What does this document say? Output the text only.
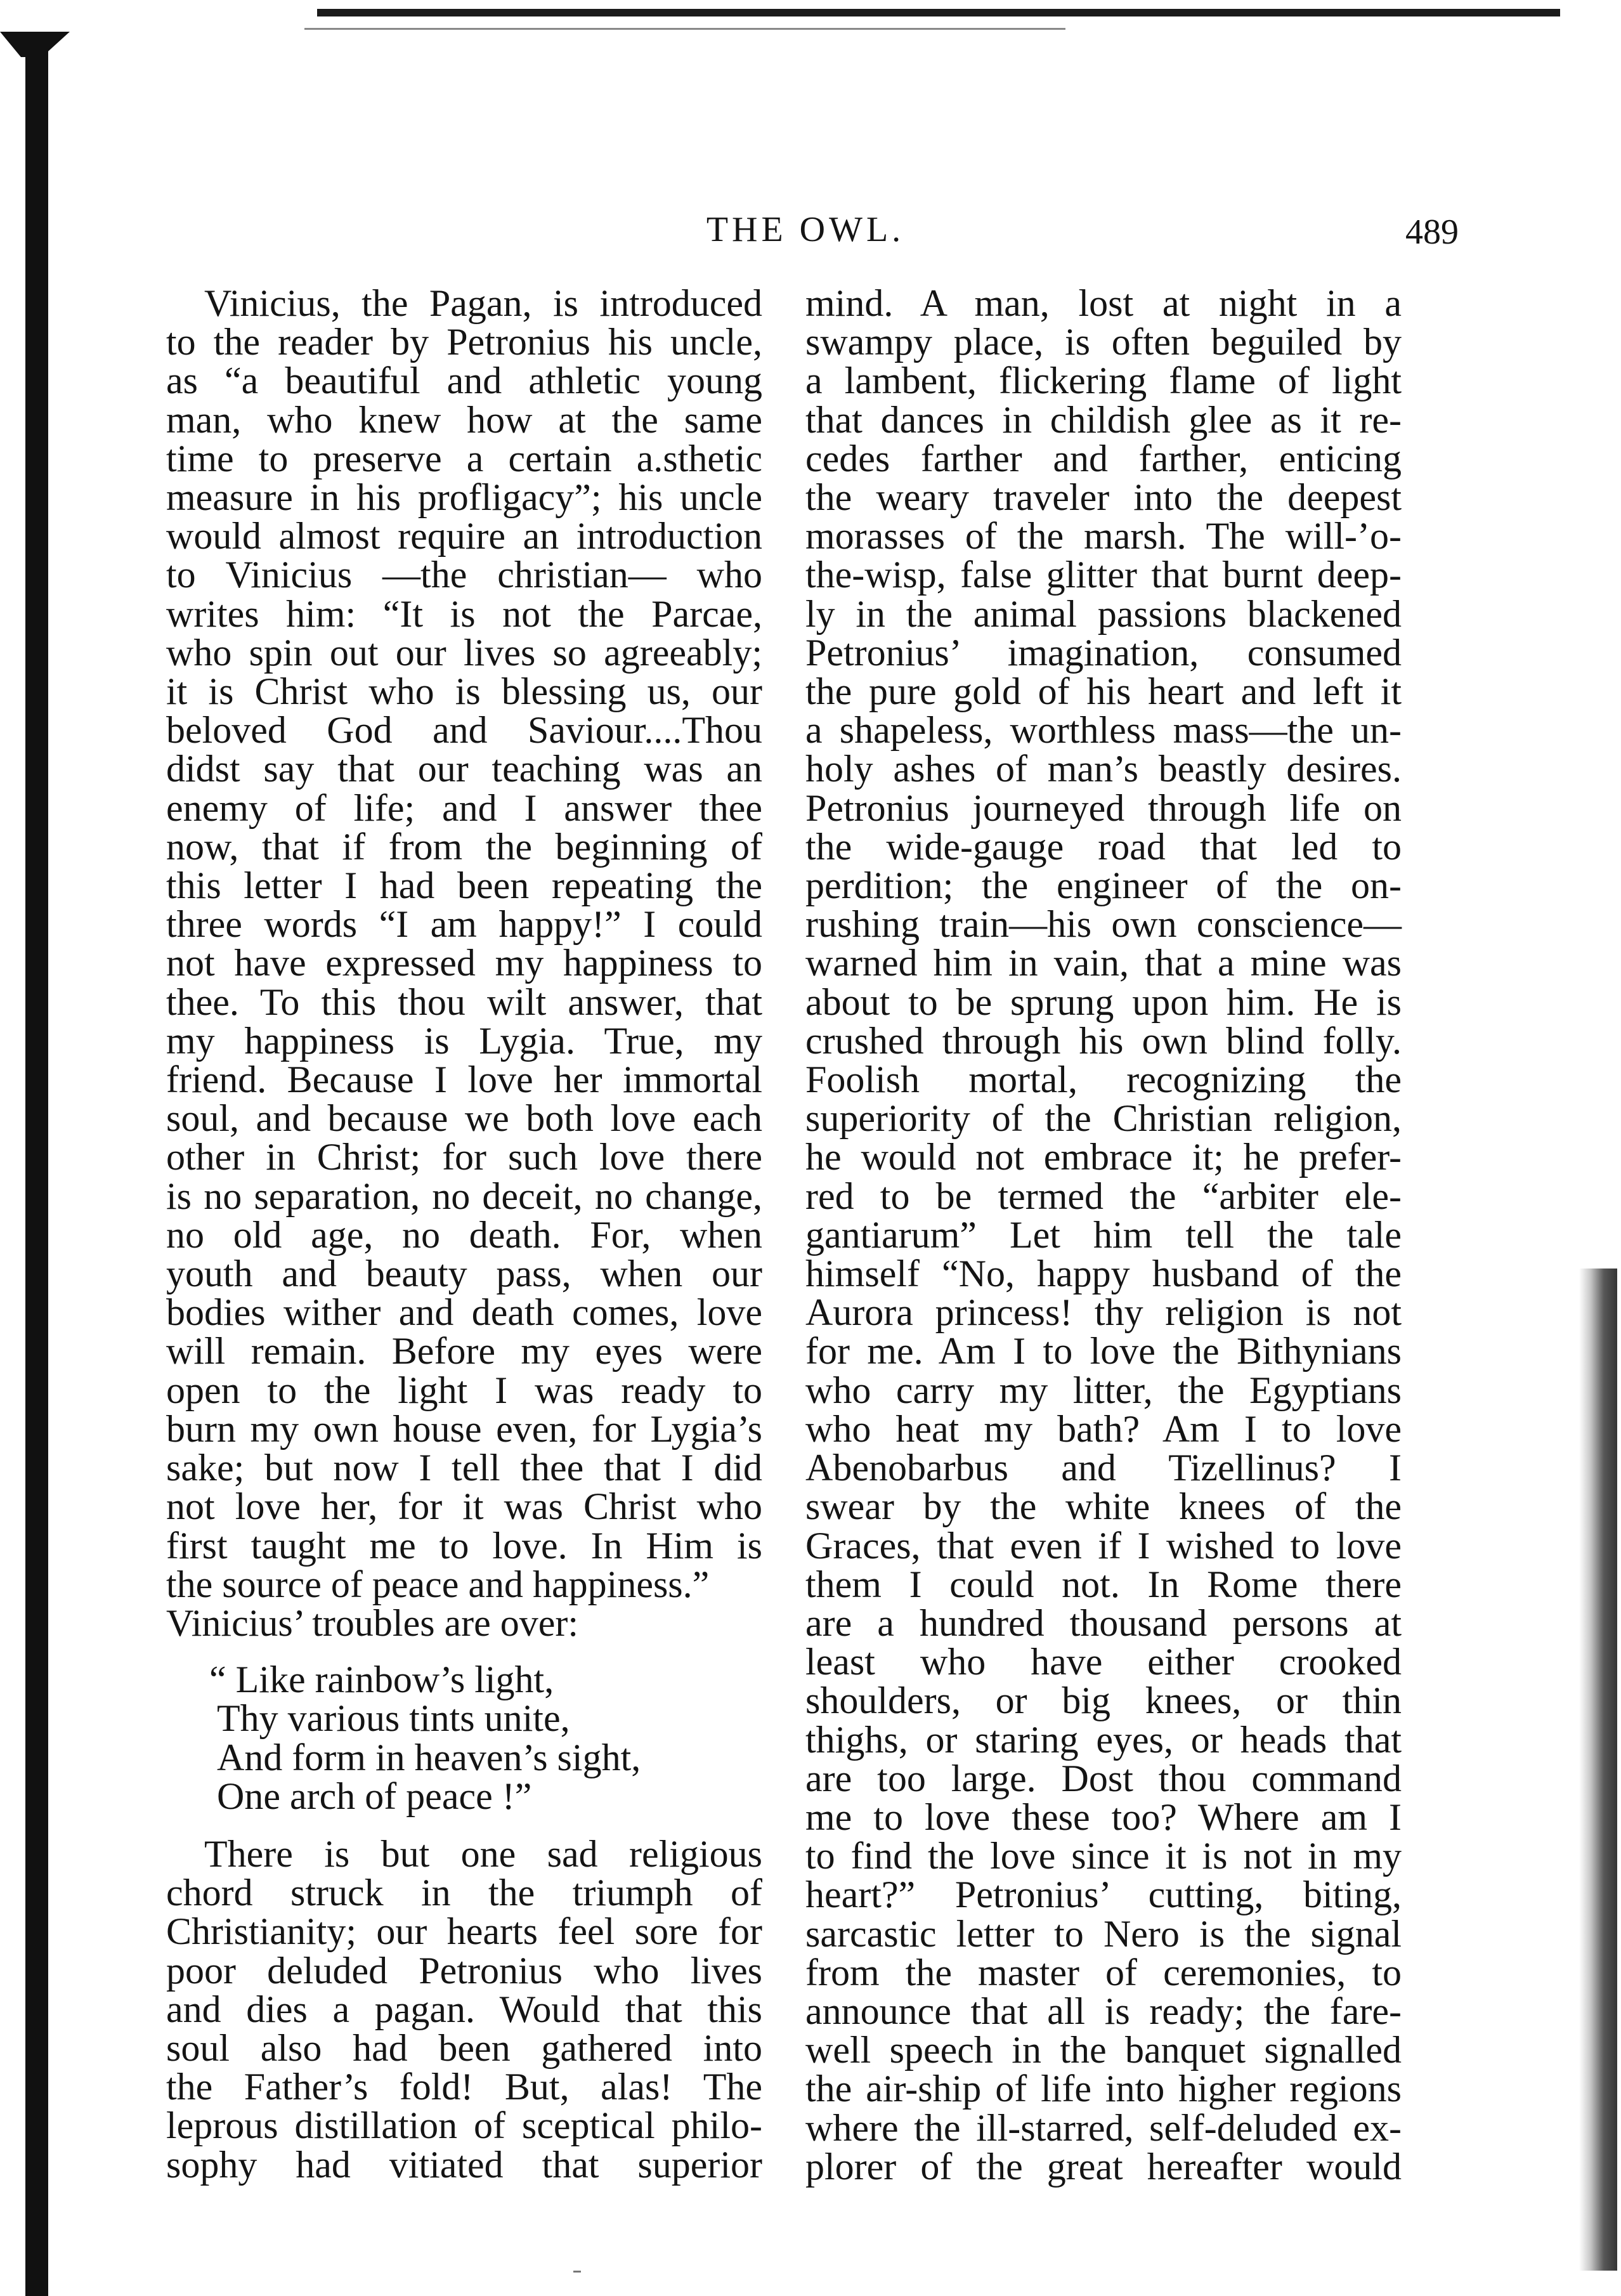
THE OWL.	489
Vinicius, the Pagan, is introduced
to the reader by Petronius his uncle,
as “a beautiful and athletic young
man, who knew how at the same
time to preserve a certain a.sthetic
measure in his profligacy”; his uncle
would almost r‌equire an introduction
to Vinicius —the christian— who
writes him: “It is not the Parcae,
who spin out our lives so agreeably;
it is Christ who is blessing us, our
beloved God and Saviour....Thou
didst say that our teaching was an
enemy of life; and I answer thee
now, that if from the beginning of
this letter I had been repeating the
three words “I am happy!” I could
not have expressed my happiness to
thee. To this thou wilt answer, that
my happiness is Lygia. True, my
friend. Because I love her immortal
soul, and because we both love each
other in Christ; for such love there
is no separation, no deceit, no change,
no old age, no death. For, when
youth and beauty pass, when our
bodies wither and death comes, love
will remain. Before my eyes were
open to the light I was ready to
burn my own house even, for Lygia’s
sake; but now I tell thee that I did
not love her, for it was Christ who
first taught me to love. In Him is
the source of peace and happiness.”
Vinicius’ troubles are over:
“ Like rainbow’s light,
Thy various tints unite,
And form in heaven’s sight,
One arch of peace !”
There is but one sad religious
chord struck in the triumph of
Christianity; our hearts feel sore for
poor deluded Petronius who lives
and dies a pagan. Would that this
soul also had been gathered into
the Father’s fold! But, alas! The
leprous distillation of sceptical philo-
sophy had vitiated that superior
mind. A man, lost at night in a
swampy place, is often beguiled by
a lambent, flickering flame of light
that dances in childish glee as it re-
cedes farther and farther, enticing
the weary traveler into the deepest
morasses of the marsh. The will-’o-
the-wisp, false glitter that burnt deep-
ly in the animal passions blackened
Petronius’ imagination, consumed
the pure gold of his heart and left it
a shapeless, worthless mass—the un-
holy ashes of man’s beastly desires.
Petronius journeyed through life on
the wide-gauge road that led to
perdition; the engineer of the on-
rushing train—his own conscience—
warned him in vain, that a mine was
about to be sprung upon him. He is
crushed through his own blind folly.
Foolish mortal, recognizing the
superiority of the Christian religion,
he would not embrace it; he prefer-
red to be termed the “arbiter ele-
gantiarum” Let him tell the tale
himself “No, happy husband of the
Aurora princess! thy religion is not
for me. Am I to love the Bithynians
who carry my litter, the Egyptians
who heat my bath? Am I to love
Abenobarbus and Tizellinus? I
swear by the white knees of the
Graces, that even if I wished to love
them I could not. In Rome there
are a hundred thousand persons at
least who have either crooked
shoulders, or big knees, or thin
thighs, or staring eyes, or heads that
are too large. Dost thou command
me to love these too? Where am I
to find the love since it is not in my
heart?” Petronius’ cutting, biting,
sarcastic letter to Nero is the signal
from the master of ceremonies, to
announce that all is ready; the fare-
well speech in the banquet signalled
the air-ship of life into higher regions
where the ill-starred, self-deluded ex-
plorer of the great hereafter would
